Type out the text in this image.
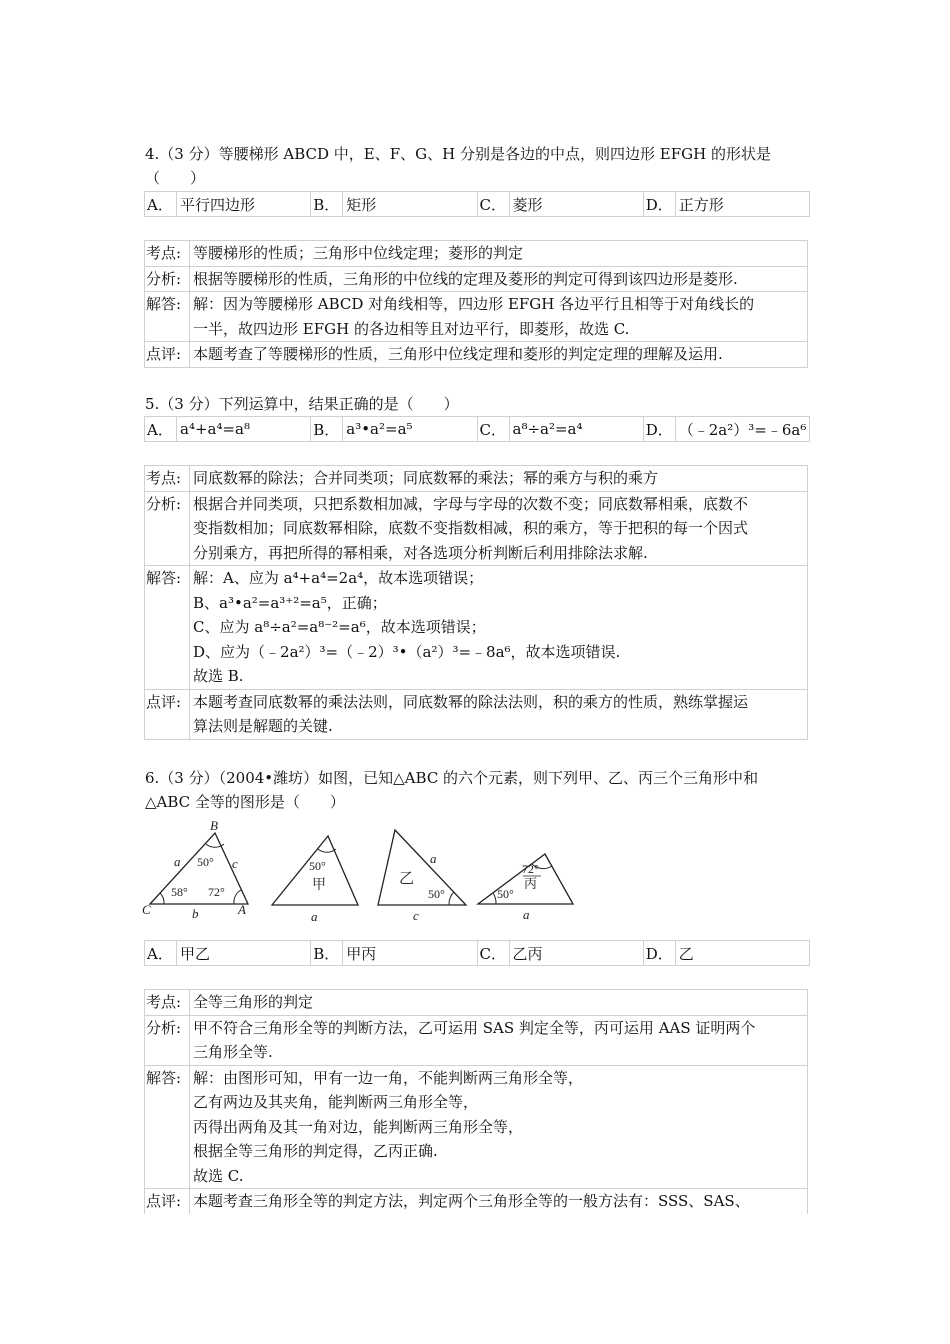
4.（3 分）等腰梯形 ABCD 中，E、F、G、H 分别是各边的中点，则四边形 EFGH 的形状是
（　　）
A． 平行四边形	B． 矩形	C． 菱形	D． 正方形
考点: 等腰梯形的性质；三角形中位线定理；菱形的判定
分析: 根据等腰梯形的性质，三角形的中位线的定理及菱形的判定可得到该四边形是菱形.
解答: 解：因为等腰梯形 ABCD 对角线相等，四边形 EFGH 各边平行且相等于对角线长的
一半，故四边形 EFGH 的各边相等且对边平行，即菱形，故选 C.
点评: 本题考查了等腰梯形的性质，三角形中位线定理和菱形的判定定理的理解及运用.
5.（3 分）下列运算中，结果正确的是（　　）
A． a⁴+a⁴=a⁸	B． a³•a²=a⁵	C． a⁸÷a²=a⁴	D． （﹣2a²）³=﹣6a⁶
考点: 同底数幂的除法；合并同类项；同底数幂的乘法；幂的乘方与积的乘方
分析: 根据合并同类项，只把系数相加减，字母与字母的次数不变；同底数幂相乘，底数不
变指数相加；同底数幂相除，底数不变指数相减，积的乘方，等于把积的每一个因式
分别乘方，再把所得的幂相乘，对各选项分析判断后利用排除法求解.
解答: 解：A、应为 a⁴+a⁴=2a⁴，故本选项错误；
B、a³•a²=a³⁺²=a⁵，正确；
C、应为 a⁸÷a²=a⁸⁻²=a⁶，故本选项错误；
D、应为（﹣2a²）³=（﹣2）³•（a²）³=﹣8a⁶，故本选项错误.
故选 B.
点评: 本题考查同底数幂的乘法法则，同底数幂的除法法则，积的乘方的性质，熟练掌握运
算法则是解题的关键.
6.（3 分）（2004•潍坊）如图，已知△ABC 的六个元素，则下列甲、乙、丙三个三角形中和
△ABC 全等的图形是（　　）
B
C	A
a
b
c
50°
58° 72°
50°
甲
a
乙
50°
a
c
72°
丙
50°
a
A． 甲乙	B． 甲丙	C． 乙丙	D． 乙
考点: 全等三角形的判定
分析: 甲不符合三角形全等的判断方法，乙可运用 SAS 判定全等，丙可运用 AAS 证明两个
三角形全等.
解答: 解：由图形可知，甲有一边一角，不能判断两三角形全等，
乙有两边及其夹角，能判断两三角形全等，
丙得出两角及其一角对边，能判断两三角形全等，
根据全等三角形的判定得，乙丙正确.
故选 C.
点评: 本题考查三角形全等的判定方法，判定两个三角形全等的一般方法有：SSS、SAS、
